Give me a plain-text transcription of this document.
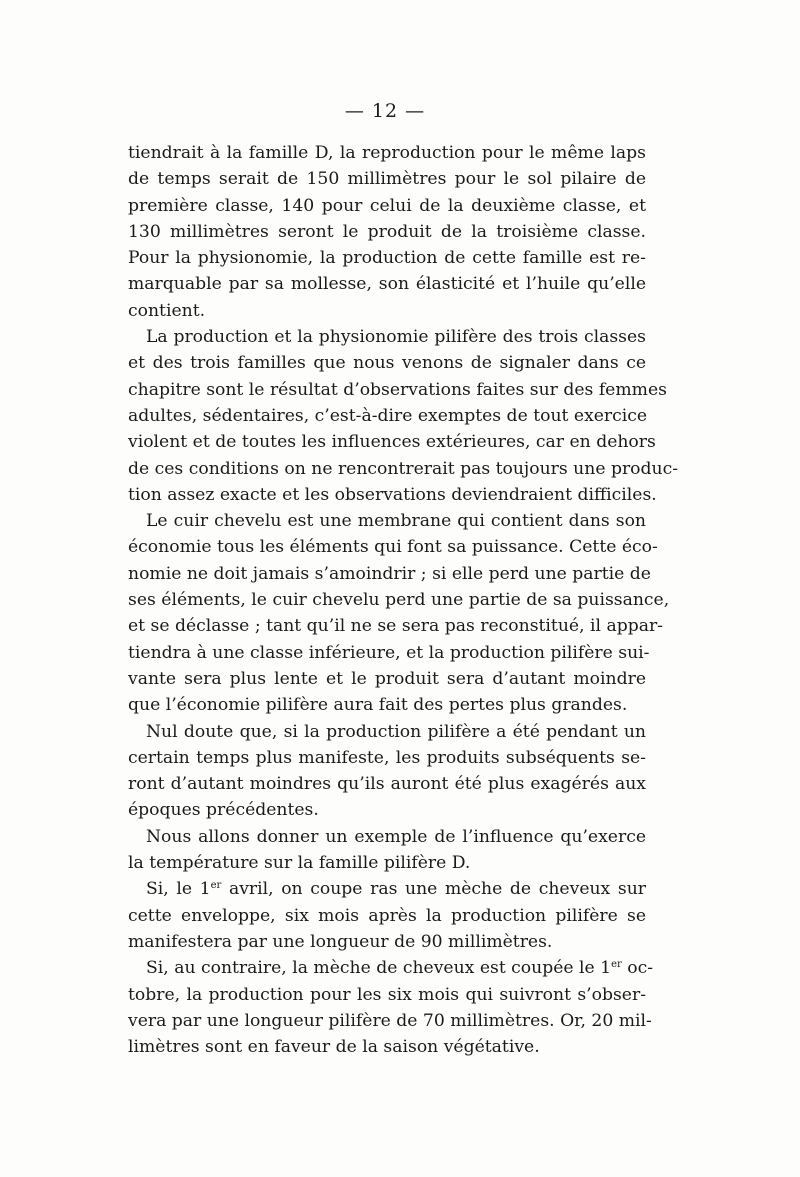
— 12 —
tiendrait à la famille D, la reproduction pour le même laps
de temps serait de 150 millimètres pour le sol pilaire de
première classe, 140 pour celui de la deuxième classe, et
130 millimètres seront le produit de la troisième classe.
Pour la physionomie, la production de cette famille est re-
marquable par sa mollesse, son élasticité et l’huile qu’elle
contient.
La production et la physionomie pilifère des trois classes
et des trois familles que nous venons de signaler dans ce
chapitre sont le résultat d’observations faites sur des femmes
adultes, sédentaires, c’est-à-dire exemptes de tout exercice
violent et de toutes les influences extérieures, car en dehors
de ces conditions on ne rencontrerait pas toujours une produc-
tion assez exacte et les observations deviendraient difficiles.
Le cuir chevelu est une membrane qui contient dans son
économie tous les éléments qui font sa puissance. Cette éco-
nomie ne doit jamais s’amoindrir ; si elle perd une partie de
ses éléments, le cuir chevelu perd une partie de sa puissance,
et se déclasse ; tant qu’il ne se sera pas reconstitué, il appar-
tiendra à une classe inférieure, et la production pilifère sui-
vante sera plus lente et le produit sera d’autant moindre
que l’économie pilifère aura fait des pertes plus grandes.
Nul doute que, si la production pilifère a été pendant un
certain temps plus manifeste, les produits subséquents se-
ront d’autant moindres qu’ils auront été plus exagérés aux
époques précédentes.
Nous allons donner un exemple de l’influence qu’exerce
la température sur la famille pilifère D.
Si, le 1er avril, on coupe ras une mèche de cheveux sur
cette enveloppe, six mois après la production pilifère se
manifestera par une longueur de 90 millimètres.
Si, au contraire, la mèche de cheveux est coupée le 1er oc-
tobre, la production pour les six mois qui suivront s’obser-
vera par une longueur pilifère de 70 millimètres. Or, 20 mil-
limètres sont en faveur de la saison végétative.
